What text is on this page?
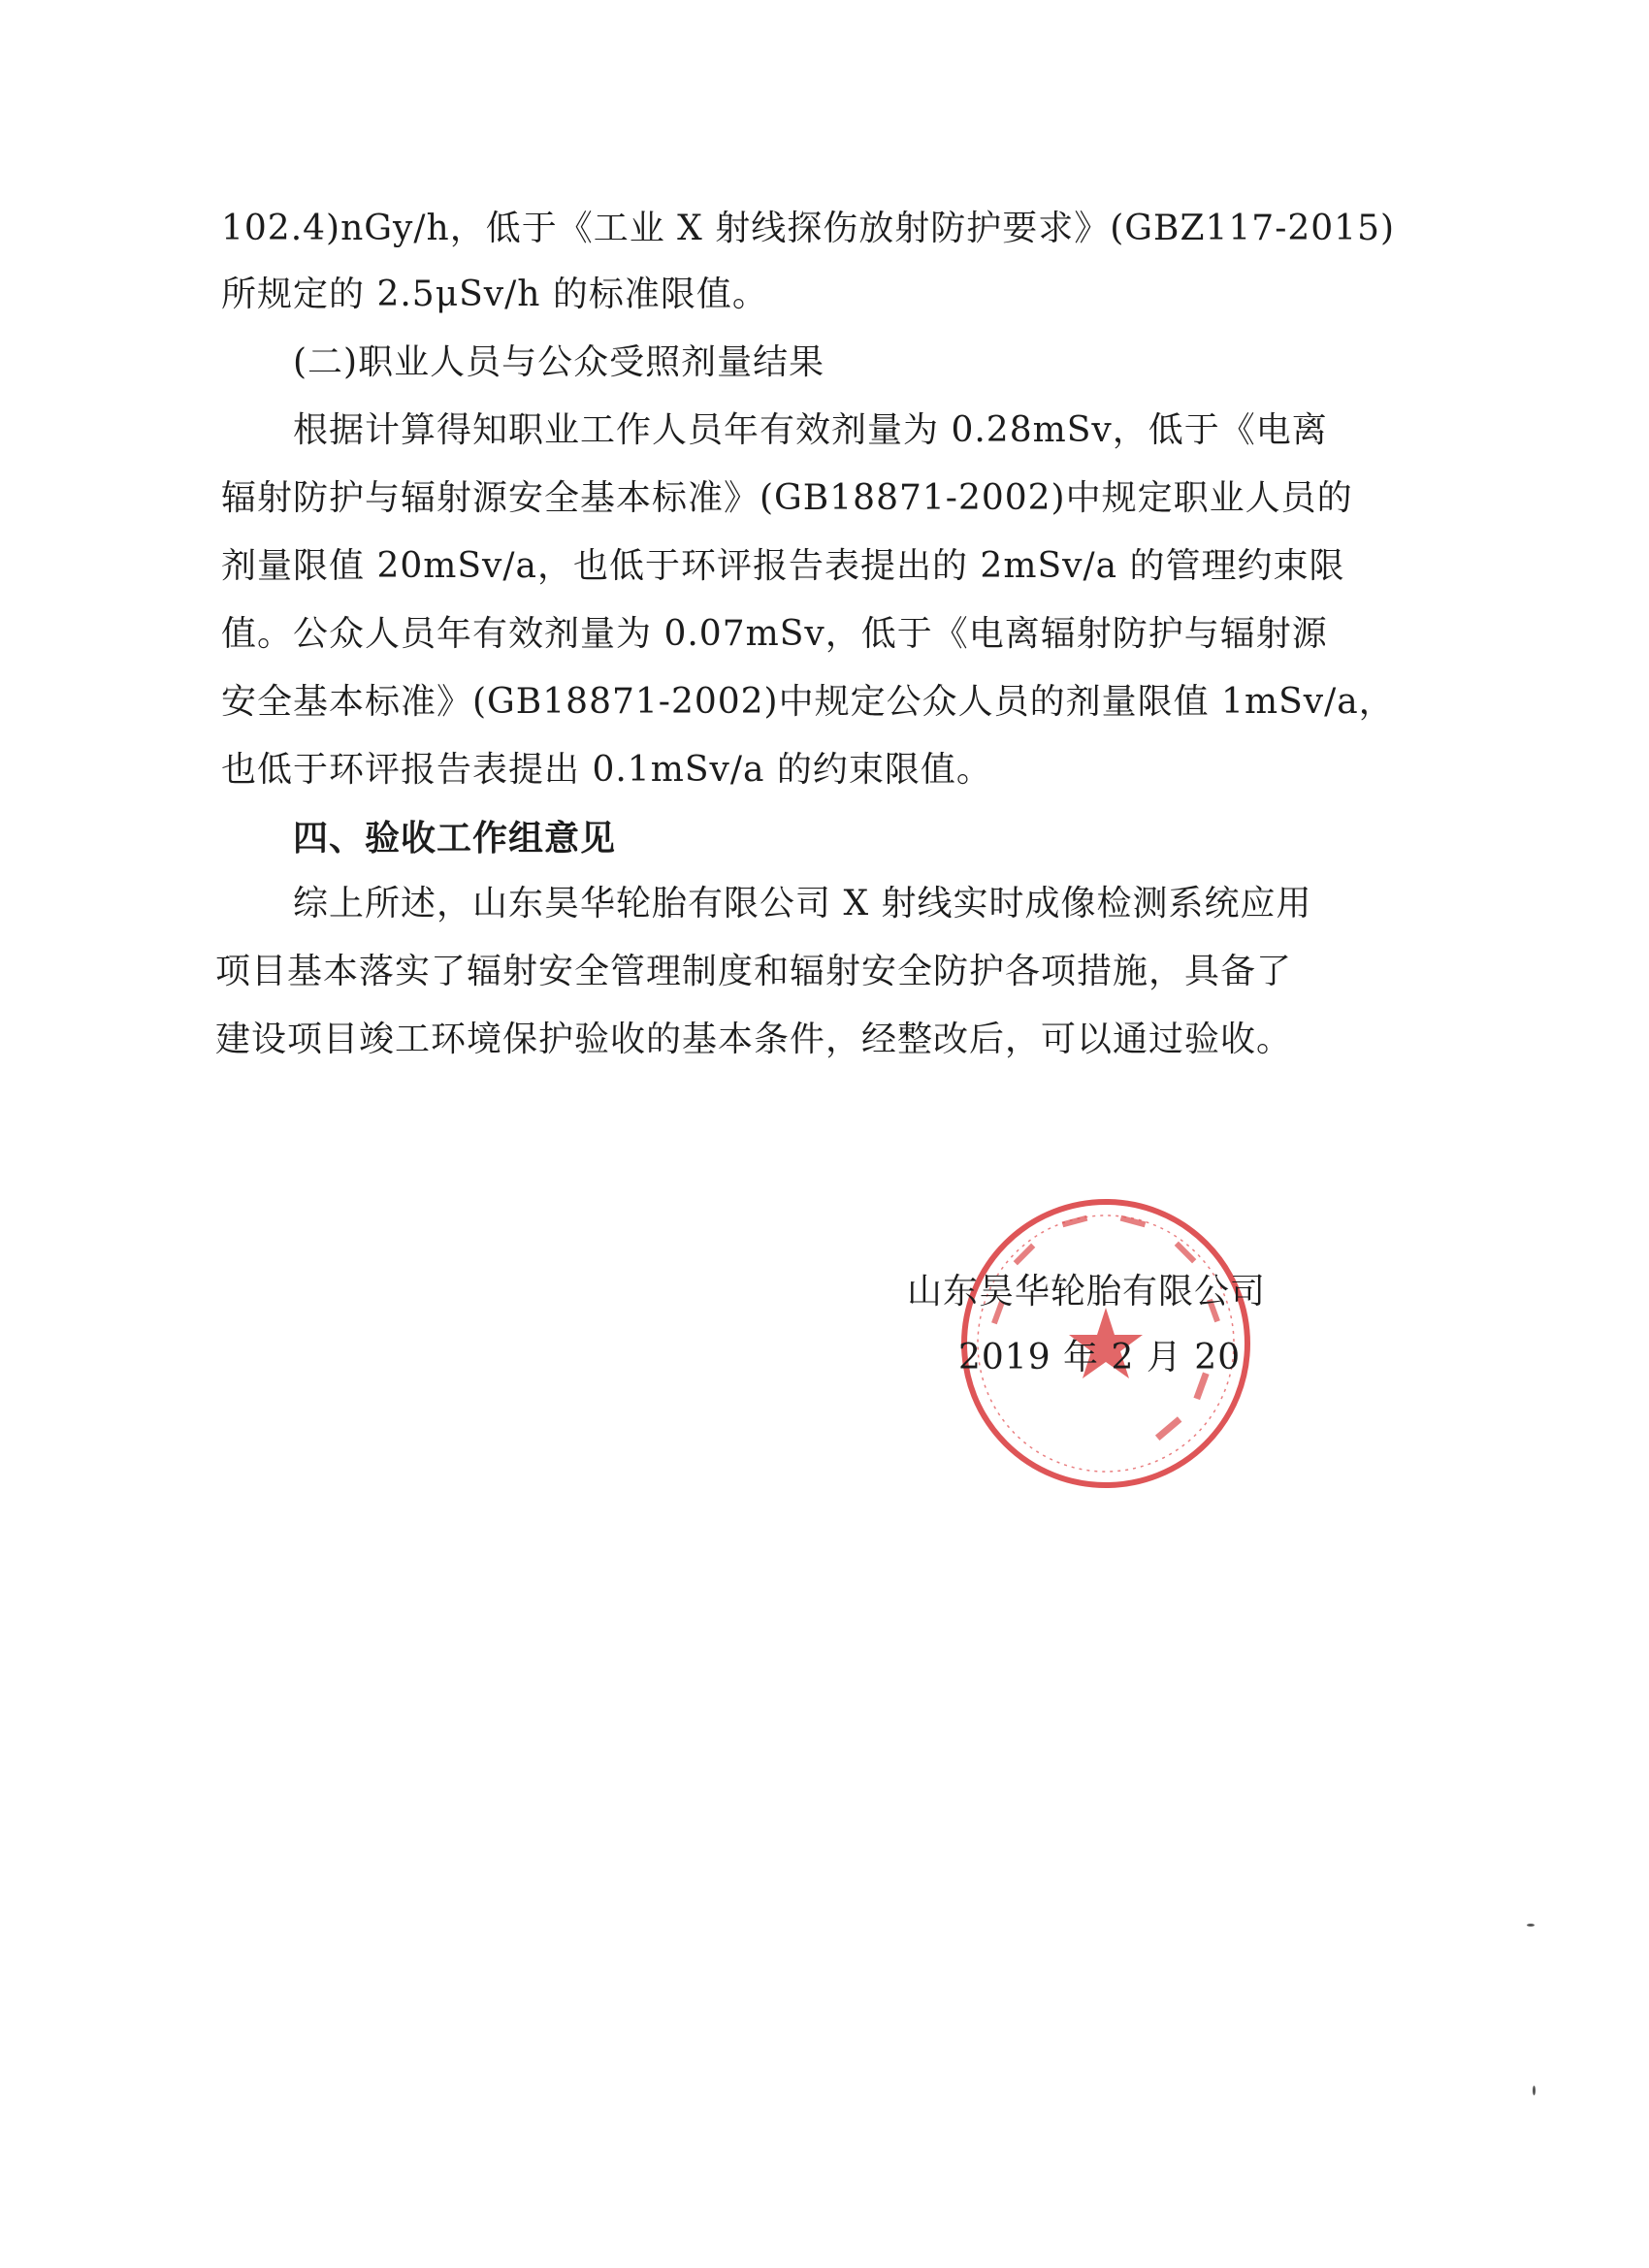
102.4)nGy/h，低于《工业 X 射线探伤放射防护要求》(GBZ117-2015)
所规定的 2.5μSv/h 的标准限值。
(二)职业人员与公众受照剂量结果
根据计算得知职业工作人员年有效剂量为 0.28mSv，低于《电离
辐射防护与辐射源安全基本标准》(GB18871-2002)中规定职业人员的
剂量限值 20mSv/a，也低于环评报告表提出的 2mSv/a 的管理约束限
值。公众人员年有效剂量为 0.07mSv，低于《电离辐射防护与辐射源
安全基本标准》(GB18871-2002)中规定公众人员的剂量限值 1mSv/a，
也低于环评报告表提出 0.1mSv/a 的约束限值。
四、验收工作组意见
综上所述，山东昊华轮胎有限公司 X 射线实时成像检测系统应用
项目基本落实了辐射安全管理制度和辐射安全防护各项措施，具备了
建设项目竣工环境保护验收的基本条件，经整改后，可以通过验收。
山东昊华轮胎有限公司
2019 年 2 月 20
